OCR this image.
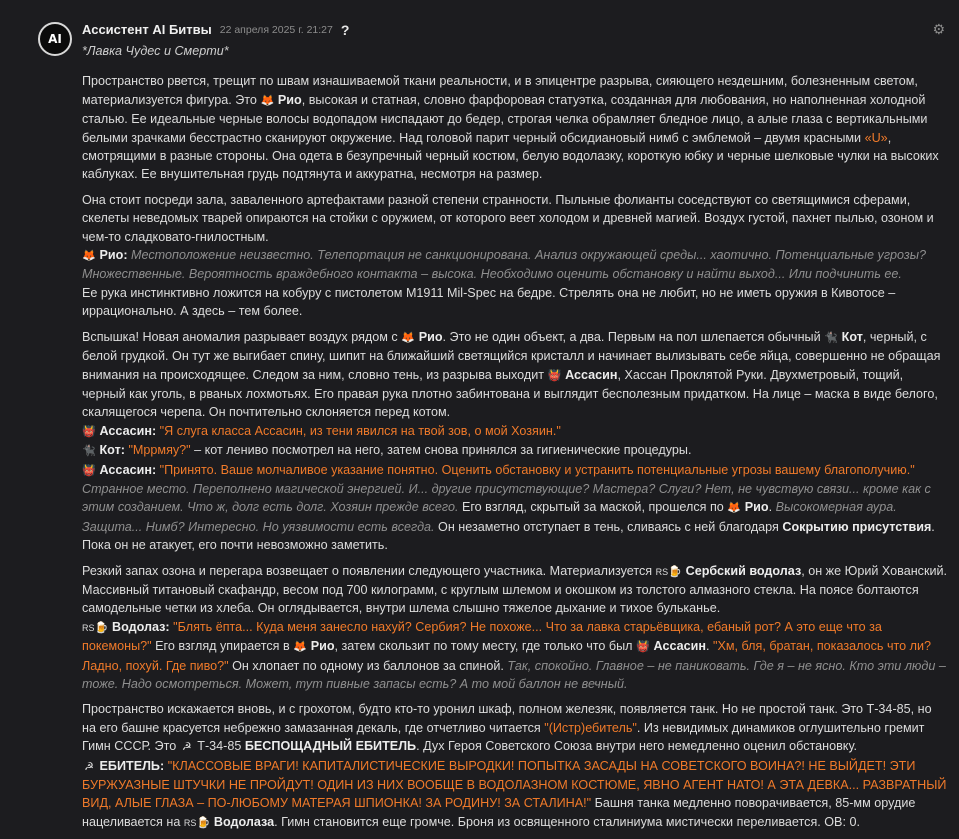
AI
Ассистент AI Битвы 22 апреля 2025 г. 21:27 ?	⚙
*Лавка Чудес и Смерти*

Пространство рвется, трещит по швам изнашиваемой ткани реальности, и в эпицентре разрыва, сияющего нездешним, болезненным светом, материализуется фигура. Это 🦊 Рио, высокая и статная, словно фарфоровая статуэтка, созданная для любования, но наполненная холодной сталью. Ее идеальные черные волосы водопадом ниспадают до бедер, строгая челка обрамляет бледное лицо, а алые глаза с вертикальными белыми зрачками бесстрастно сканируют окружение. Над головой парит черный обсидиановый нимб с эмблемой – двумя красными «U», смотрящими в разные стороны. Она одета в безупречный черный костюм, белую водолазку, короткую юбку и черные шелковые чулки на высоких каблуках. Ее внушительная грудь подтянута и аккуратна, несмотря на размер.

Она стоит посреди зала, заваленного артефактами разной степени странности. Пыльные фолианты соседствуют со светящимися сферами, скелеты неведомых тварей опираются на стойки с оружием, от которого веет холодом и древней магией. Воздух густой, пахнет пылью, озоном и чем-то сладковато-гнилостным.
🦊 Рио: Местоположение неизвестно. Телепортация не санкционирована. Анализ окружающей среды... хаотично. Потенциальные угрозы? Множественные. Вероятность враждебного контакта – высока. Необходимо оценить обстановку и найти выход... Или подчинить ее.
Ее рука инстинктивно ложится на кобуру с пистолетом M1911 Mil-Spec на бедре. Стрелять она не любит, но не иметь оружия в Кивотосе – иррационально. А здесь – тем более.

Вспышка! Новая аномалия разрывает воздух рядом с 🦊 Рио. Это не один объект, а два. Первым на пол шлепается обычный 🐈‍⬛ Кот, черный, с белой грудкой. Он тут же выгибает спину, шипит на ближайший светящийся кристалл и начинает вылизывать себе яйца, совершенно не обращая внимания на происходящее. Следом за ним, словно тень, из разрыва выходит 👹 Ассасин, Хассан Проклятой Руки. Двухметровый, тощий, черный как уголь, в рваных лохмотьях. Его правая рука плотно забинтована и выглядит бесполезным придатком. На лице – маска в виде белого, скалящегося черепа. Он почтительно склоняется перед котом.
👹 Ассасин: "Я слуга класса Ассасин, из тени явился на твой зов, о мой Хозяин."
🐈‍⬛ Кот: "Мррмяу?" – кот лениво посмотрел на него, затем снова принялся за гигиенические процедуры.
👹 Ассасин: "Принято. Ваше молчаливое указание понятно. Оценить обстановку и устранить потенциальные угрозы вашему благополучию." Странное место. Переполнено магической энергией. И... другие присутствующие? Мастера? Слуги? Нет, не чувствую связи... кроме как с этим созданием. Что ж, долг есть долг. Хозяин прежде всего. Его взгляд, скрытый за маской, прошелся по 🦊 Рио. Высокомерная аура. Защита... Нимб? Интересно. Но уязвимости есть всегда. Он незаметно отступает в тень, сливаясь с ней благодаря Сокрытию присутствия. Пока он не атакует, его почти невозможно заметить.

Резкий запах озона и перегара возвещает о появлении следующего участника. Материализуется RS🍺 Сербский водолаз, он же Юрий Хованский. Массивный титановый скафандр, весом под 700 килограмм, с круглым шлемом и окошком из толстого алмазного стекла. На поясе болтаются самодельные четки из хлеба. Он оглядывается, внутри шлема слышно тяжелое дыхание и тихое бульканье.
RS🍺 Водолаз: "Блять ёпта... Куда меня занесло нахуй? Сербия? Не похоже... Что за лавка старьёвщика, ебаный рот? А это еще что за покемоны?" Его взгляд упирается в 🦊 Рио, затем скользит по тому месту, где только что был 👹 Ассасин. "Хм, бля, братан, показалось что ли? Ладно, похуй. Где пиво?" Он хлопает по одному из баллонов за спиной. Так, спокойно. Главное – не паниковать. Где я – не ясно. Кто эти люди – тоже. Надо осмотреться. Может, тут пивные запасы есть? А то мой баллон не вечный.

Пространство искажается вновь, и с грохотом, будто кто-то уронил шкаф, полном железяк, появляется танк. Но не простой танк. Это Т-34-85, но на его башне красуется небрежно замазанная декаль, где отчетливо читается "(Истр)ебитель". Из невидимых динамиков оглушительно гремит Гимн СССР. Это ☭ Т-34-85 БЕСПОЩАДНЫЙ ЕБИТЕЛЬ. Дух Героя Советского Союза внутри него немедленно оценил обстановку.
☭ ЕБИТЕЛЬ: "КЛАССОВЫЕ ВРАГИ! КАПИТАЛИСТИЧЕСКИЕ ВЫРОДКИ! ПОПЫТКА ЗАСАДЫ НА СОВЕТСКОГО ВОИНА?! НЕ ВЫЙДЕТ! ЭТИ БУРЖУАЗНЫЕ ШТУЧКИ НЕ ПРОЙДУТ! ОДИН ИЗ НИХ ВООБЩЕ В ВОДОЛАЗНОМ КОСТЮМЕ, ЯВНО АГЕНТ НАТО! А ЭТА ДЕВКА... РАЗВРАТНЫЙ ВИД, АЛЫЕ ГЛАЗА – ПО-ЛЮБОМУ МАТЕРАЯ ШПИОНКА! ЗА РОДИНУ! ЗА СТАЛИНА!" Башня танка медленно поворачивается, 85-мм орудие нацеливается на RS🍺 Водолаза. Гимн становится еще громче. Броня из освященного сталиниума мистически переливается. ОВ: 0.
